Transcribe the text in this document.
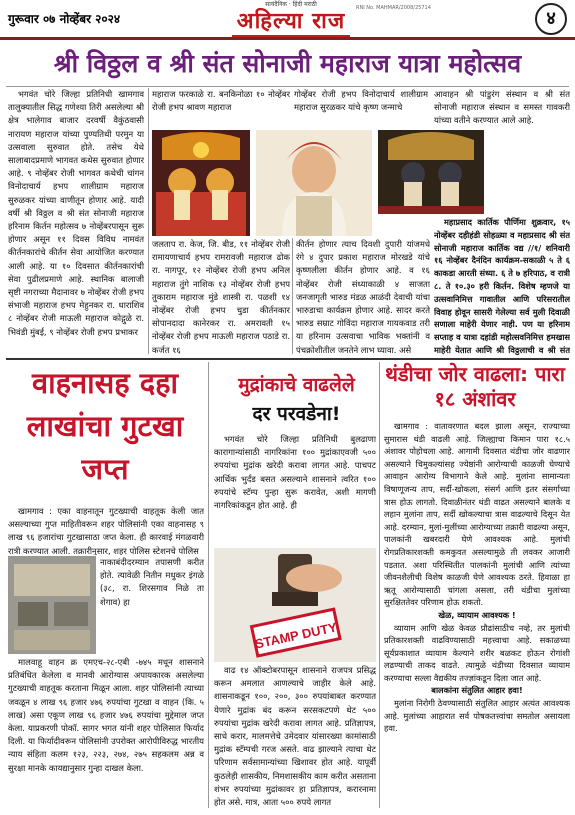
गुरूवार ०७ नोव्हेंबर २०२४
सायंदैनिक · हिंदी मराठी
अहिल्या राज
RNI No. MAHMAR/2008/25714	४
श्री विठ्ठल व श्री संत सोनाजी महाराज यात्रा महोत्सव

भगवंत चोरे जिल्हा प्रतिनिधी खामगाव तालुक्यातील सिद्ध गणेश्या तिरी असलेल्या श्री क्षेत्र भालेगाव बाजार दरवर्षी वैकुंठवासी नारायण महाराज यांच्या पुण्यतिथी परमुन या उत्सवाला सुरुवात होते. तसेच येथे सालाबादप्रमाणे भागवत कथेस सुरुवात होणार आहे. ९ नोव्हेंबर रोजी भागवत कथेची चांगन विनोदाचार्य हभप शालीग्राम महाराज सुरुळकर यांच्या वाणीतून होणार आहे. यादी वर्षी श्री विठ्ठल व श्री संत सोनाजी महाराज हरिनाम किर्तन महोत्सव ७ नोव्हेंबरपासून सुरू होणार असून ११ दिवस विविध नामवंत कीर्तनकारांचे कीर्तन सेवा आयोजित करण्यात आली आहे. या १० दिवसात कीर्तनकारांची सेवा पुढीलप्रमाणे आहे. स्थानिक बालाजी सृष्टी नगराच्या मैदानावर ७ नोव्हेंबर रोजी हभप संभाजी महाराज हभप मेहुनकर रा. धाराशिव ८ नोव्हेंबर रोजी माऊली महाराज कोद्गुळे रा. भिवंडी मुंबई, ९ नोव्हेंबर रोजी हभप प्रभाकर

महाराज फरकाळे रा. बनकिनोळा १० नोव्हेंबर रोजी हभप श्रावण महाराज

गोव्हेंबर रोजी हभप विनोदाचार्य शालीग्राम महाराज सुरळकर यांचे कृष्ण जन्माचे

जलताप रा. केज, जि. बीड, ११ नोव्हेंबर रोजी रामायणाचार्य हभप रामरावजी महाराज ढोक रा. नागपूर, १२ नोव्हेंबर रोजी हभप अनिल महाराज तुंगे नाशिक १३ नोव्हेंबर रोजी हभप तुकाराम महाराज मुंडे शास्त्री रा. पळशी १४ नोव्हेंबर रोजी हभप चुडा कीर्तनकार सोपानदादा कानेरकर रा. अमरावती १५ नोव्हेंबर रोजी हभप माऊली महाराज पठाडे रा. कर्जत १६

कीर्तन होणार त्याच दिवशी दुपारी यांजमधे रंगे ४ दुपार प्रकाश महाराज मोरखडे यांचे कृष्णलीला कीर्तन होणार आहे. व १६ नोव्हेंबर रोजी संध्याकाळी ४ साजता जनजागृती भारुड मंडळ आळंदी देवाची यांचा भारुडाचा कार्यक्रम होणार आहे. सादर करते भारुड सम्राट गोविंदा महाराज गायकवाड तरी या हरिनाम उत्सवाचा भाविक भक्तांनी व पंचक्रोशीतील जनतेने लाभ घ्यावा. असे

आवाहन श्री पांडुरंग संस्थान व श्री संत सोनाजी महाराज संस्थान व समस्त गावकरी यांच्या वतीने करण्यात आले आहे.

महाप्रसाद कार्तिक पौर्णिमा शुक्रवार, १५ नोव्हेंबर दहीहंडी सोहळ्या व महाप्रसाद श्री संत सोनाजी महाराज कार्तिक वद्य //१/ शनिवारी १६ नोव्हेंबर दैनंदिन कार्यक्रम-सकाळी ५ ते ६ काकडा आरती संध्या. ६ ते ७ हरिपाठ, व रात्री ८. ते १०.३० हरी किर्तन. विशेष म्हणजे या उत्सवानिमित्त गावातील आणि परिसरातील विवाह होवून सासरी गेलेल्या सर्व मुली दिवाळी सणाला माहेरी येणार नाही. पण या हरिनाम सप्ताह व यात्रा दहांडी महोत्सवनिमित्त हमखास माहेरी येतात आणि श्री विठ्ठलाची व श्री संत

वाहनासह दहा लाखांचा गुटखा जप्त

खामगाव : एका वाहनातून गुटख्याची वाहतूक केली जात असल्याच्या गुप्त माहितीवरून शहर पोलिसांनी एका वाहनासह ९ लाख ९६ हजारांचा गुटखासाठा जप्त केला. ही कारवाई मंगळवारी रात्री करण्यात आली. तक्रारीनुसार, शहर पोलिस स्टेशनचे पोलिस

नाकाबंदीदरम्यान तपासणी करीत होते. त्यावेळी नितीन मधुकर इंगळे (३८, रा. शिरसगाव निळे ता शेगाव) हा

मालवाहू वाहन क्र एमएच-२८-एबी -७४५ मधून शासनाने प्रतिबंधित केलेला व मानवी आरोग्यास अपायकारक असलेल्या गुटख्याची वाहतूक करताना मिळून आला. शहर पोलिसांनी त्याच्या जवळून ४ लाख ९६ हजार ४७६ रुपयांचा गुटखा व वाहन (कि. ५ लाख) असा एकूण लाख ९६ हजार ४७६ रुपयांचा मुद्देमाल जप्त केला. याप्रकरणी पोकॉ. सागर भगत यांनी शहर पोलिसात फिर्याद दिली. या फिर्यादीवरून पोलिसांनी उपरोक्त आरोपीविरुद्ध भारतीय न्याय संहिता कलम १२३, २२३, २७४, २७५ सहकलम अन्न व सुरक्षा मानके कायद्यानुसार गुन्हा दाखल केला.

मुद्रांकाचे वाढलेले
दर परवडेना!

भगवंत चोरे जिल्हा प्रतिनिधी बुलढाणा कारागान्यांसाठी नागरिकांना १०० मुद्रांकाएवजी ५०० रुपयांचा मुद्रांक खरेदी करावा लागत आहे. पाचपट आर्थिक भुर्दंड बसत असल्याने शासनाने त्वरित १०० रुपयांचे स्टॅम्प पुन्हा सुरू करावेत, अशी मागणी नागरिकांकडून होत आहे. ही

STAMP DUTY

वाढ १४ ऑक्टोबरपासून शासनाने राजपत्र प्रसिद्ध करून अमलात आणल्याचे जाहीर केले आहे. शासनाकडून १००, २००, ३०० रुपयांबाबत करण्यात येणारे मुद्रांक बंद करून सरसकटपणे थेट ५०० रुपयांचा मुद्रांक खरेदी करावा लागत आहे. प्रतिज्ञापत्र, साधे करार, मालमत्तेचे उमेदवार यांसारख्या कामांसाठी मुद्रांक स्टॅम्पची गरज असते. वाढ झाल्याने त्याचा थेट परिणाम सर्वसामान्यांच्या खिशावर होत आहे. यापूर्वी कुठलेही शासकीय, निमशासकीय काम करीत असताना शंभर रुपयांच्या मुद्रांकावर हा प्रतिज्ञापत्र, करारनामा होत असे. मात्र, आता ५०० रुपये लागत

थंडीचा जोर वाढला: पारा १८ अंशांवर

खामगाव : वातावरणात बदल झाला असून, राज्याच्या सुमारास थंडी वाढली आहे. जिल्ह्याचा किमान पारा १८.५ अंशावर पोहोचला आहे. आगामी दिवसात थंडीचा जोर वाढणार असल्याने चिमुकल्यांसह ज्येष्ठांनी आरोग्याची काळजी घेण्याचे आवाहन आरोग्य विभागाने केले आहे. मुलांना सामान्यतः विषाणूजन्य ताप, सर्दी-खोकला, संसर्ग आणि इतर संसर्गाच्या त्रास होऊ लागतो. दिवाळीनंतर थंडी वाढत असल्याने बालके व लहान मुलांना ताप, सर्दी खोकल्याचा त्रास वाढल्याचे दिसून येत आहे. दरम्यान, मुलां-मुलींच्या आरोग्याच्या तक्रारी वाढल्या असून, पालकांनी खबरदारी घेणे आवश्यक आहे. मुलांची रोगप्रतिकारशक्ती कमकुवत असल्यामुळे ती लवकर आजारी पडतात. अशा परिस्थितीत पालकांनी मुलांची आणि त्यांच्या जीवनशैलीची विशेष काळजी घेणे आवश्यक ठरते. हिवाळा हा ऋतू आरोग्यासाठी चांगला असला, तरी थंडीचा मुलांच्या सुरक्षिततेवर परिणाम होऊ शकतो.

खेळ, व्यायाम आवश्यक !

व्यायाम आणि खेळ केवळ प्रौढांसाठीच नव्हे, तर मुलांची प्रतिकारशक्ती वाढविण्यासाठी महत्त्वाचा आहे. सकाळच्या सूर्यप्रकाशात व्यायाम केल्याने शरीर बळकट होऊन रोगांशी लढण्याची ताकद वाढते. त्यामुळे थंडीच्या दिवसात व्यायाम करण्याचा सल्ला वैद्यकीय तज्ज्ञांकडून दिला जात आहे.

बालकांना संतुलित आहार हवा!

मुलांना निरोगी ठेवण्यासाठी संतुलित आहार अत्यंत आवश्यक आहे. मुलांच्या आहारात सर्व पोषकतत्त्वांचा समतोल असायला हवा.
